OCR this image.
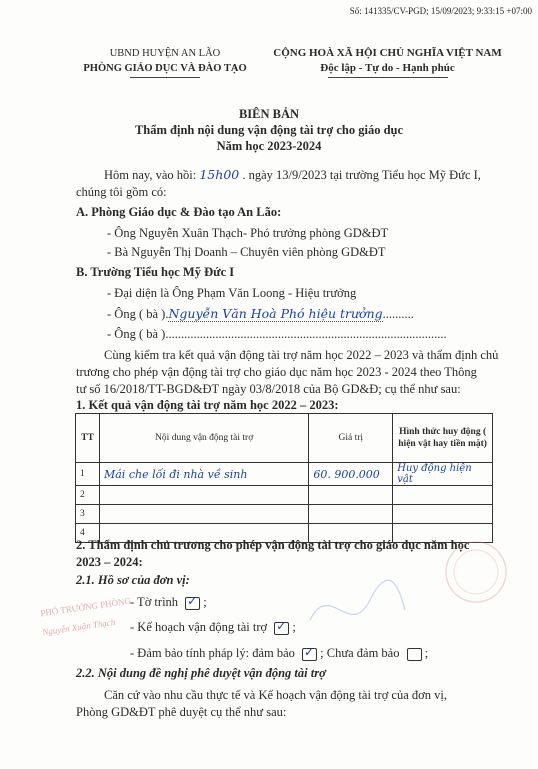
Số: 141335/CV-PGD; 15/09/2023; 9:33:15 +07:00
UBND HUYỆN AN LÃO
PHÒNG GIÁO DỤC VÀ ĐÀO TẠO
CỘNG HOÀ XÃ HỘI CHỦ NGHĨA VIỆT NAM
Độc lập - Tự do - Hạnh phúc
BIÊN BẢN
Thẩm định nội dung vận động tài trợ cho giáo dục
Năm học 2023-2024
Hôm nay, vào hồi: 15h00 . ngày 13/9/2023 tại trường Tiểu học Mỹ Đức I,
chúng tôi gồm có:
A. Phòng Giáo dục & Đào tạo An Lão:
- Ông Nguyễn Xuân Thạch- Phó trưởng phòng GD&ĐT
- Bà Nguyễn Thị Doanh – Chuyên viên phòng GD&ĐT
B. Trường Tiểu học Mỹ Đức I
- Đại diện là Ông Phạm Văn Loong - Hiệu trưởng
- Ông ( bà ).Nguyễn Văn Hoà Phó hiệu trưởng..........
- Ông ( bà )..........................................................................................
Cùng kiểm tra kết quả vận động tài trợ năm học 2022 – 2023 và thẩm định chủ
trương cho phép vận động tài trợ cho giáo dục năm học 2023 - 2024 theo Thông
tư số 16/2018/TT-BGD&ĐT ngày 03/8/2018 của Bộ GD&Đ; cụ thể như sau:
1. Kết quả vận động tài trợ năm học 2022 – 2023:
TT	Nội dung vận động tài trợ	Giá trị	Hình thức huy động ( hiện vật hay tiền mặt)
1	Mái che lối đi nhà về sinh	60. 900.000	Huy động hiện vật
2			
3			
4			
2. Thẩm định chủ trương cho phép vận động tài trợ cho giáo dục năm học
2023 – 2024:
2.1. Hồ sơ của đơn vị:
- Tờ trình ✓ ;
- Kế hoạch vận động tài trợ ✓ ;
- Đảm bảo tính pháp lý: đảm bảo ✓ ; Chưa đảm bảo ;
2.2. Nội dung đề nghị phê duyệt vận động tài trợ
Căn cứ vào nhu cầu thực tế và Kế hoạch vận động tài trợ của đơn vị,
Phòng GD&ĐT phê duyệt cụ thể như sau:
PHÓ TRƯỞNG PHÒNG
Nguyễn Xuân Thạch
